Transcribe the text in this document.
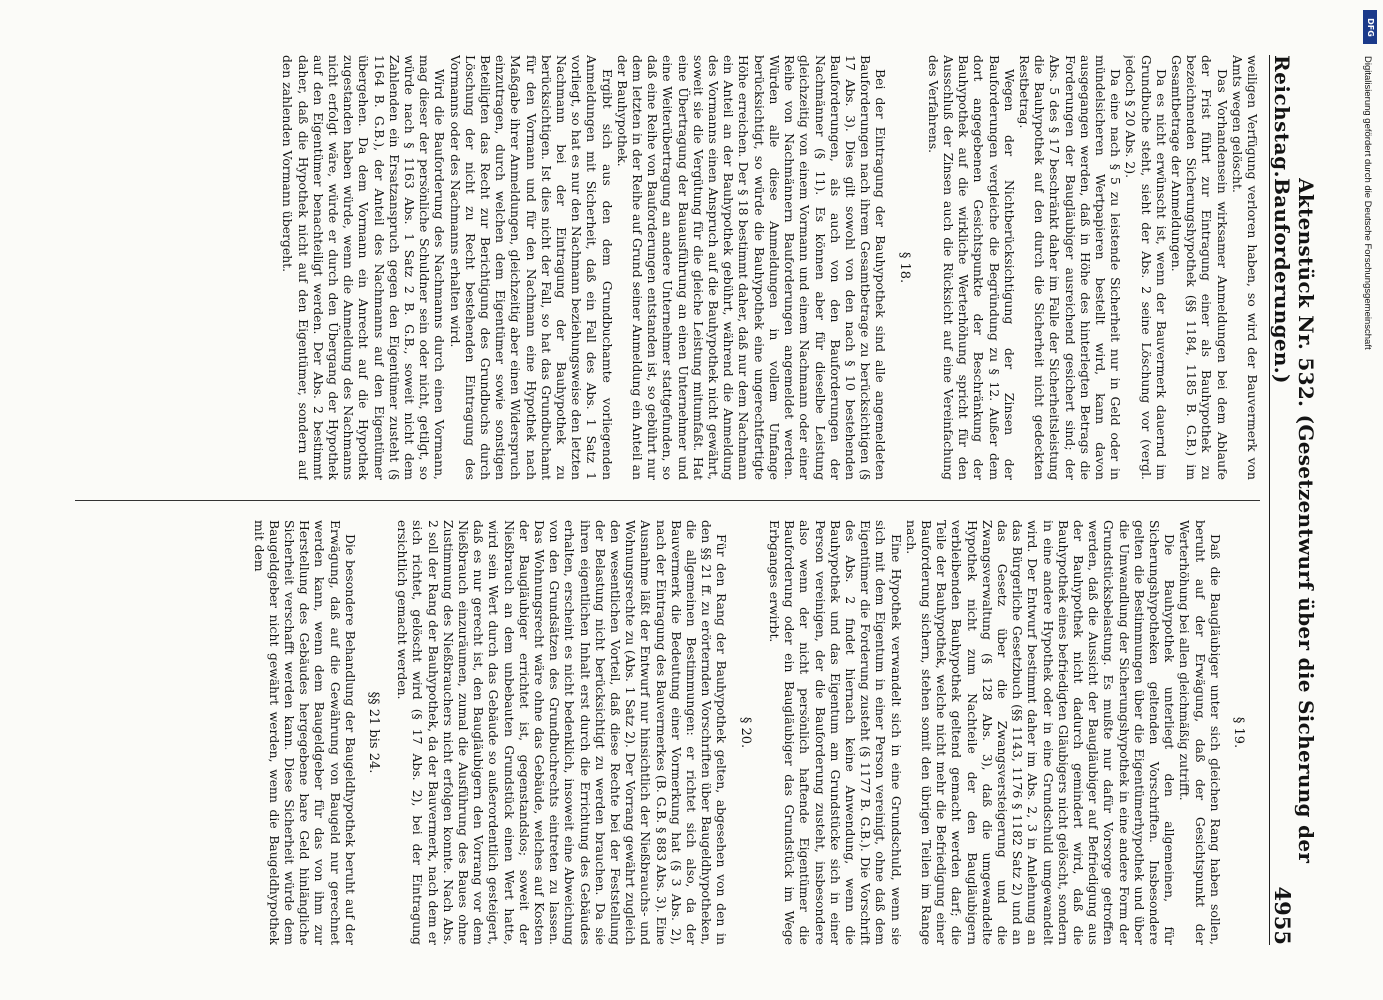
Reichstag.
Aktenstück Nr. 532. (Gesetzentwurf über die Sicherung der Bauforderungen.)
4955

weiligen Verfügung verloren haben, so wird der Bauvermerk von Amts wegen gelöscht.

Das Vorhandensein wirksamer Anmeldungen bei dem Ablaufe der Frist führt zur Eintragung einer als Bauhypothek zu bezeichnenden Sicherungshypothek (§§ 1184, 1185 B. G.B.) im Gesamtbetrage der Anmeldungen.

Da es nicht erwünscht ist, wenn der Bauvermerk dauernd im Grundbuche steht, sieht der Abs. 2 seine Löschung vor (vergl. jedoch § 20 Abs. 2).

Da eine nach § 5 zu leistende Sicherheit nur in Geld oder in mündelsicheren Wertpapieren bestellt wird, kann davon ausgegangen werden, daß in Höhe des hinterlegten Betrags die Forderungen der Baugläubiger ausreichend gesichert sind; der Abs. 5 des § 17 beschränkt daher im Falle der Sicherheitsleistung die Bauhypothek auf den durch die Sicherheit nicht gedeckten Restbetrag.

Wegen der Nichtberücksichtigung der Zinsen der Bauforderungen vergleiche die Begründung zu § 12. Außer dem dort angegebenen Gesichtspunkte der Beschränkung der Bauhypothek auf die wirkliche Werterhöhung spricht für den Ausschluß der Zinsen auch die Rücksicht auf eine Vereinfachung des Verfahrens.

§ 18.

Bei der Eintragung der Bauhypothek sind alle angemeldeten Bauforderungen nach ihrem Gesamtbetrage zu berücksichtigen (§ 17 Abs. 3). Dies gilt sowohl von den nach § 10 bestehenden Bauforderungen, als auch von den Bauforderungen der Nachmänner (§ 11). Es können aber für dieselbe Leistung gleichzeitig von einem Vormann und einem Nachmann oder einer Reihe von Nachmännern Bauforderungen angemeldet werden. Würden alle diese Anmeldungen in vollem Umfange berücksichtigt, so würde die Bauhypothek eine ungerechtfertigte Höhe erreichen. Der § 18 bestimmt daher, daß nur dem Nachmann ein Anteil an der Bauhypothek gebührt, während die Anmeldung des Vormanns einen Anspruch auf die Bauhypothek nicht gewährt, soweit sie die Vergütung für die gleiche Leistung mitumfaßt. Hat eine Übertragung der Bauausführung an einen Unternehmer und eine Weiterübertragung an andere Unternehmer stattgefunden, so daß eine Reihe von Bauforderungen entstanden ist, so gebührt nur dem letzten in der Reihe auf Grund seiner Anmeldung ein Anteil an der Bauhypothek.

Ergibt sich aus den dem Grundbuchamte vorliegenden Anmeldungen mit Sicherheit, daß ein Fall des Abs. 1 Satz 1 vorliegt, so hat es nur den Nachmann beziehungsweise den letzten Nachmann bei der Eintragung der Bauhypothek zu berücksichtigen. Ist dies nicht der Fall, so hat das Grundbuchamt für den Vormann und für den Nachmann eine Hypothek nach Maßgabe ihrer Anmeldungen, gleichzeitig aber einen Widerspruch einzutragen, durch welchen dem Eigentümer sowie sonstigen Beteiligten das Recht zur Berichtigung des Grundbuchs durch Löschung der nicht zu Recht bestehenden Eintragung des Vormanns oder des Nachmanns erhalten wird.

Wird die Bauforderung des Nachmanns durch einen Vormann, mag dieser der persönliche Schuldner sein oder nicht, getilgt, so würde nach § 1163 Abs. 1 Satz 2 B. G.B., soweit nicht dem Zahlenden ein Ersatzanspruch gegen den Eigentümer zusteht (§ 1164 B. G.B.), der Anteil des Nachmanns auf den Eigentümer übergehen. Da dem Vormann ein Anrecht auf die Hypothek zugestanden haben würde, wenn die Anmeldung des Nachmanns nicht erfolgt wäre, würde er durch den Übergang der Hypothek auf den Eigentümer benachteiligt werden. Der Abs. 2 bestimmt daher, daß die Hypothek nicht auf den Eigentümer, sondern auf den zahlenden Vormann übergeht.

§ 19.

Daß die Baugläubiger unter sich gleichen Rang haben sollen, beruht auf der Erwägung, daß der Gesichtspunkt der Werterhöhung bei allen gleichmäßig zutrifft.

Die Bauhypothek unterliegt den allgemeinen, für Sicherungshypotheken geltenden Vorschriften. Insbesondere gelten die Bestimmungen über die Eigentümerhypothek und über die Umwandlung der Sicherungshypothek in eine andere Form der Grundstücksbelastung. Es mußte nur dafür Vorsorge getroffen werden, daß die Aussicht der Baugläubiger auf Befriedigung aus der Bauhypothek nicht dadurch gemindert wird, daß die Bauhypothek eines befriedigten Gläubigers nicht gelöscht, sondern in eine andere Hypothek oder in eine Grundschuld umgewandelt wird. Der Entwurf bestimmt daher im Abs. 2, 3 in Anlehnung an das Bürgerliche Gesetzbuch (§§ 1143, 1176 § 1182 Satz 2) und an das Gesetz über die Zwangsversteigerung und die Zwangsverwaltung (§ 128 Abs. 3), daß die umgewandelte Hypothek nicht zum Nachteile der den Baugläubigern verbleibenden Bauhypothek geltend gemacht werden darf; die Teile der Bauhypothek, welche nicht mehr die Befriedigung einer Bauforderung sichern, stehen somit den übrigen Teilen im Range nach.

Eine Hypothek verwandelt sich in eine Grundschuld, wenn sie sich mit dem Eigentum in einer Person vereinigt, ohne daß dem Eigentümer die Forderung zusteht (§ 1177 B. G.B.). Die Vorschrift des Abs. 2 findet hiernach keine Anwendung, wenn die Bauhypothek und das Eigentum am Grundstücke sich in einer Person vereinigen, der die Bauforderung zusteht, insbesondere also wenn der nicht persönlich haftende Eigentümer die Bauforderung oder ein Baugläubiger das Grundstück im Wege Erbganges erwirbt.

§ 20.

Für den Rang der Bauhypothek gelten, abgesehen von den in den §§ 21 ff. zu erörternden Vorschriften über Baugeldhypotheken, die allgemeinen Bestimmungen: er richtet sich also, da der Bauvermerk die Bedeutung einer Vormerkung hat (§ 3 Abs. 2), nach der Eintragung des Bauvermerkes (B. G.B. § 883 Abs. 3). Eine Ausnahme läßt der Entwurf nur hinsichtlich der Nießbrauchs- und Wohnungsrechte zu (Abs. 1 Satz 2). Der Vorrang gewährt zugleich den wesentlichen Vorteil, daß diese Rechte bei der Feststellung der Belastung nicht berücksichtigt zu werden brauchen. Da sie ihren eigentlichen Inhalt erst durch die Errichtung des Gebäudes erhalten, erscheint es nicht bedenklich, insoweit eine Abweichung von den Grundsätzen des Grundbuchrechts eintreten zu lassen. Das Wohnungsrecht wäre ohne das Gebäude, welches auf Kosten der Baugläubiger errichtet ist, gegenstandslos; soweit der Nießbrauch an dem unbebauten Grundstück einen Wert hatte, wird sein Wert durch das Gebäude so außerordentlich gesteigert, daß es nur gerecht ist, den Baugläubigern den Vorrang vor dem Nießbrauch einzuräumen, zumal die Ausführung des Baues ohne Zustimmung des Nießbrauchers nicht erfolgen konnte. Nach Abs. 2 soll der Rang der Bauhypothek, da der Bauvermerk, nach dem er sich richtet, gelöscht wird (§ 17 Abs. 2), bei der Eintragung ersichtlich gemacht werden.

§§ 21 bis 24.

Die besondere Behandlung der Baugeldhypothek beruht auf der Erwägung, daß auf die Gewährung von Baugeld nur gerechnet werden kann, wenn dem Baugeldgeber für das von ihm zur Herstellung des Gebäudes hergegebene bare Geld hinlängliche Sicherheit verschafft werden kann. Diese Sicherheit würde dem Baugeldgeber nicht gewährt werden, wenn die Baugeldhypothek mit dem

DFG
Digitalisierung gefördert durch die Deutsche Forschungsgemeinschaft
